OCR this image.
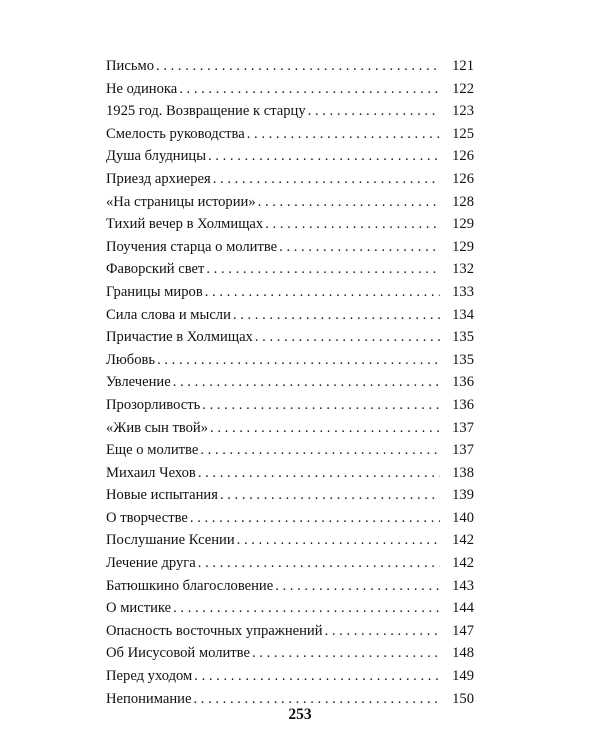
Письмо . . .	121
Не одинока . . .	122
1925 год. Возвращение к старцу . . .	123
Смелость руководства . . .	125
Душа блудницы . . .	126
Приезд архиерея . . .	126
«На страницы истории» . . .	128
Тихий вечер в Холмищах . . .	129
Поучения старца о молитве . . .	129
Фаворский свет . . .	132
Границы миров . . .	133
Сила слова и мысли . . .	134
Причастие в Холмищах . . .	135
Любовь . . .	135
Увлечение . . .	136
Прозорливость . . .	136
«Жив сын твой» . . .	137
Еще о молитве . . .	137
Михаил Чехов . . .	138
Новые испытания . . .	139
О творчестве . . .	140
Послушание Ксении . . .	142
Лечение друга . . .	142
Батюшкино благословение . . .	143
О мистике . . .	144
Опасность восточных упражнений . . .	147
Об Иисусовой молитве . . .	148
Перед уходом . . .	149
Непонимание . . .	150
253
